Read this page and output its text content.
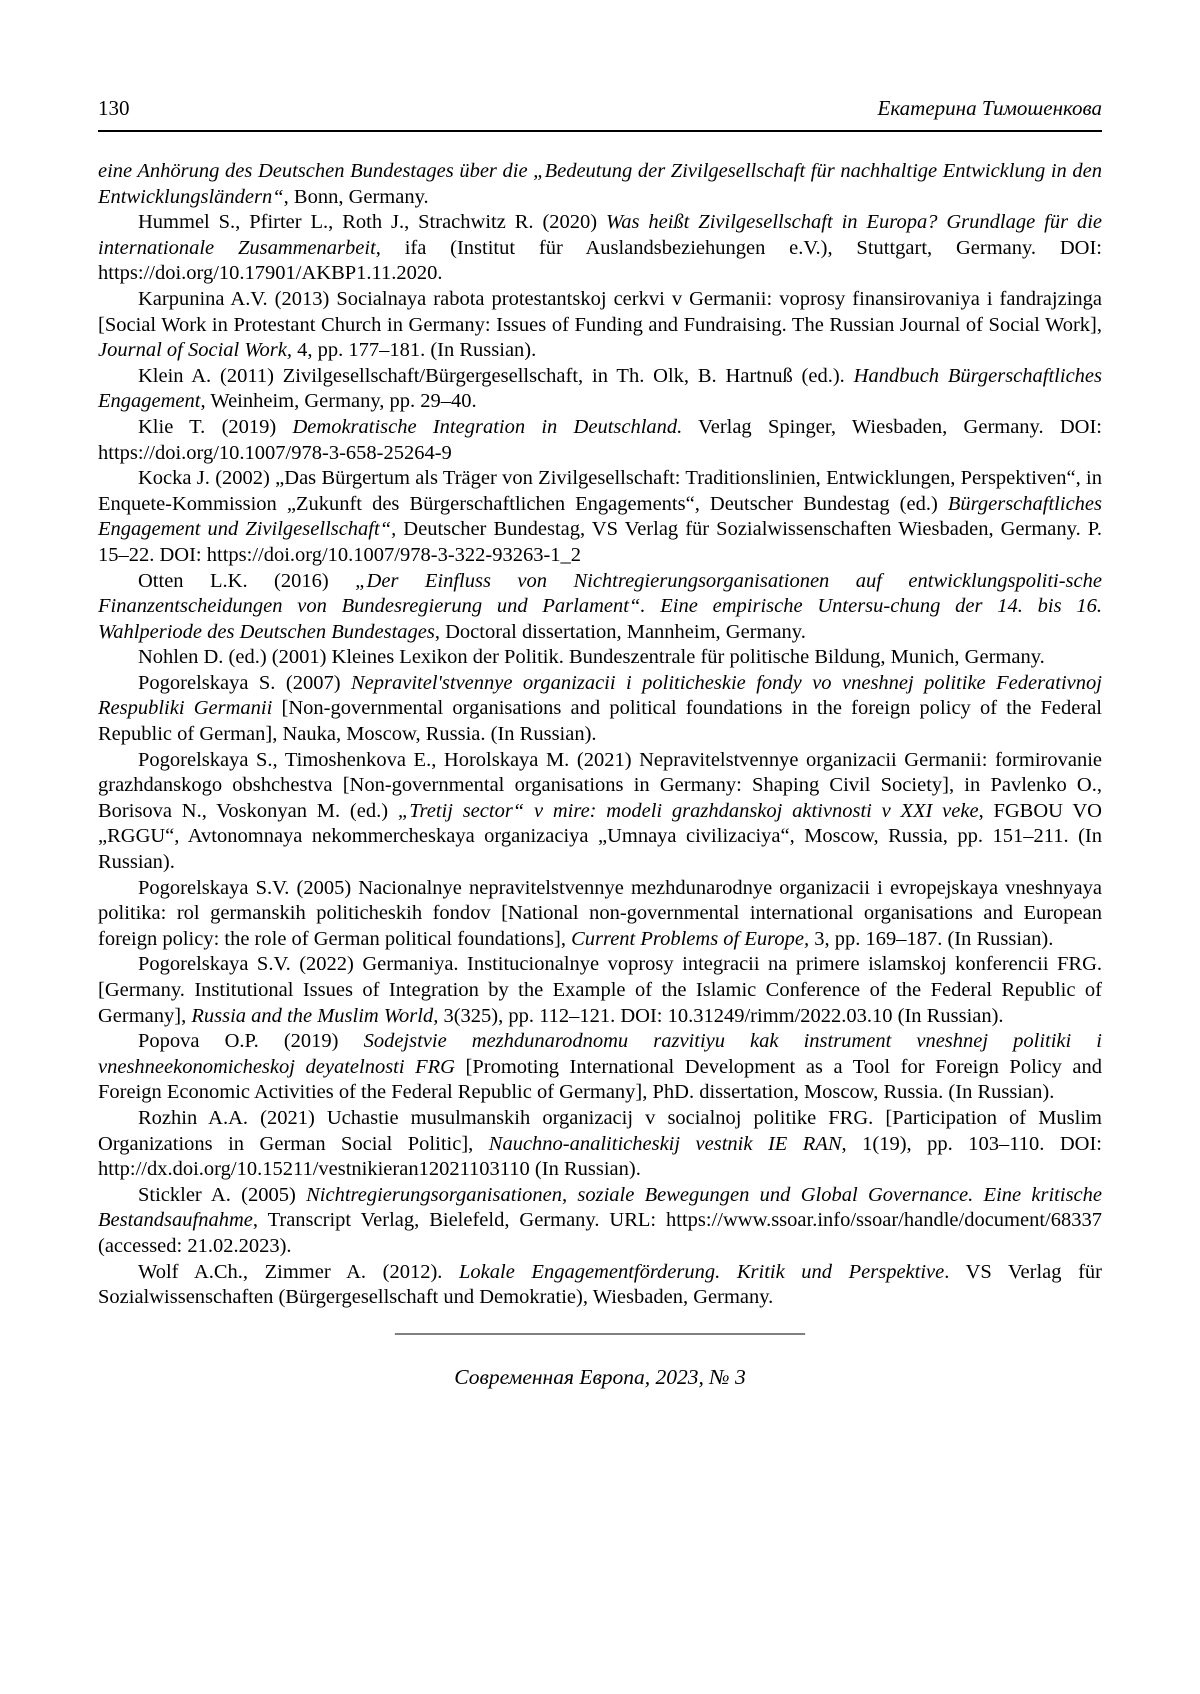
130	Екатерина Тимошенкова

eine Anhörung des Deutschen Bundestages über die „Bedeutung der Zivilgesellschaft für nachhaltige Entwicklung in den Entwicklungsländern“, Bonn, Germany.

Hummel S., Pfirter L., Roth J., Strachwitz R. (2020) Was heißt Zivilgesellschaft in Europa? Grundlage für die internationale Zusammenarbeit, ifa (Institut für Auslandsbeziehungen e.V.), Stuttgart, Germany. DOI: https://doi.org/10.17901/AKBP1.11.2020.

Karpunina A.V. (2013) Socialnaya rabota protestantskoj cerkvi v Germanii: voprosy finansirovaniya i fandrajzinga [Social Work in Protestant Church in Germany: Issues of Funding and Fundraising. The Russian Journal of Social Work], Journal of Social Work, 4, pp. 177–181. (In Russian).

Klein A. (2011) Zivilgesellschaft/Bürgergesellschaft, in Th. Olk, B. Hartnuß (ed.). Handbuch Bürgerschaftliches Engagement, Weinheim, Germany, pp. 29–40.

Klie T. (2019) Demokratische Integration in Deutschland. Verlag Spinger, Wiesbaden, Germany. DOI: https://doi.org/10.1007/978-3-658-25264-9

Kocka J. (2002) „Das Bürgertum als Träger von Zivilgesellschaft: Traditionslinien, Entwicklungen, Perspektiven“, in Enquete-Kommission „Zukunft des Bürgerschaftlichen Engagements“, Deutscher Bundestag (ed.) Bürgerschaftliches Engagement und Zivilgesellschaft“, Deutscher Bundestag, VS Verlag für Sozialwissenschaften Wiesbaden, Germany. P. 15–22. DOI: https://doi.org/10.1007/978-3-322-93263-1_2

Otten L.K. (2016) „Der Einfluss von Nichtregierungsorganisationen auf entwicklungspoliti-sche Finanzentscheidungen von Bundesregierung und Parlament“. Eine empirische Untersu-chung der 14. bis 16. Wahlperiode des Deutschen Bundestages, Doctoral dissertation, Mannheim, Germany.

Nohlen D. (ed.) (2001) Kleines Lexikon der Politik. Bundeszentrale für politische Bildung, Munich, Germany.

Pogorelskaya S. (2007) Nepravitel'stvennye organizacii i politicheskie fondy vo vneshnej politike Federativnoj Respubliki Germanii [Non-governmental organisations and political foundations in the foreign policy of the Federal Republic of German], Nauka, Moscow, Russia. (In Russian).

Pogorelskaya S., Timoshenkova E., Horolskaya M. (2021) Nepravitelstvennye organizacii Germanii: formirovanie grazhdanskogo obshchestva [Non-governmental organisations in Germany: Shaping Civil Society], in Pavlenko O., Borisova N., Voskonyan M. (ed.) „Tretij sector“ v mire: modeli grazhdanskoj aktivnosti v XXI veke, FGBOU VO „RGGU“, Avtonomnaya nekommercheskaya organizaciya „Umnaya civilizaciya“, Moscow, Russia, pp. 151–211. (In Russian).

Pogorelskaya S.V. (2005) Nacionalnye nepravitelstvennye mezhdunarodnye organizacii i evropejskaya vneshnyaya politika: rol germanskih politicheskih fondov [National non-governmental international organisations and European foreign policy: the role of German political foundations], Current Problems of Europe, 3, pp. 169–187. (In Russian).

Pogorelskaya S.V. (2022) Germaniya. Institucionalnye voprosy integracii na primere islamskoj konferencii FRG. [Germany. Institutional Issues of Integration by the Example of the Islamic Conference of the Federal Republic of Germany], Russia and the Muslim World, 3(325), pp. 112–121. DOI: 10.31249/rimm/2022.03.10 (In Russian).

Popova O.P. (2019) Sodejstvie mezhdunarodnomu razvitiyu kak instrument vneshnej politiki i vneshneekonomicheskoj deyatelnosti FRG [Promoting International Development as a Tool for Foreign Policy and Foreign Economic Activities of the Federal Republic of Germany], PhD. dissertation, Moscow, Russia. (In Russian).

Rozhin A.A. (2021) Uchastie musulmanskih organizacij v socialnoj politike FRG. [Participation of Muslim Organizations in German Social Politic], Nauchno-analiticheskij vestnik IE RAN, 1(19), pp. 103–110. DOI: http://dx.doi.org/10.15211/vestnikieran12021103110 (In Russian).

Stickler A. (2005) Nichtregierungsorganisationen, soziale Bewegungen und Global Governance. Eine kritische Bestandsaufnahme, Transcript Verlag, Bielefeld, Germany. URL: https://www.ssoar.info/ssoar/handle/document/68337 (accessed: 21.02.2023).

Wolf A.Ch., Zimmer A. (2012). Lokale Engagementförderung. Kritik und Perspektive. VS Verlag für Sozialwissenschaften (Bürgergesellschaft und Demokratie), Wiesbaden, Germany.

________________________________________
Современная Европа, 2023, № 3
